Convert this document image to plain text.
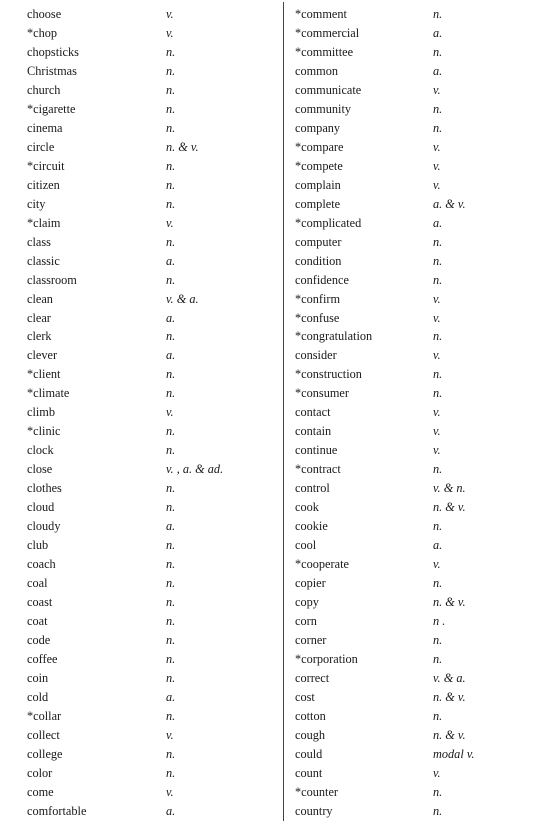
choose	v.
*chop	v.
chopsticks	n.
Christmas	n.
church	n.
*cigarette	n.
cinema	n.
circle	n. & v.
*circuit	n.
citizen	n.
city	n.
*claim	v.
class	n.
classic	a.
classroom	n.
clean	v. & a.
clear	a.
clerk	n.
clever	a.
*client	n.
*climate	n.
climb	v.
*clinic	n.
clock	n.
close	v. , a. & ad.
clothes	n.
cloud	n.
cloudy	a.
club	n.
coach	n.
coal	n.
coast	n.
coat	n.
code	n.
coffee	n.
coin	n.
cold	a.
*collar	n.
collect	v.
college	n.
color	n.
come	v.
comfortable	a.
*comment	n.
*commercial	a.
*committee	n.
common	a.
communicate	v.
community	n.
company	n.
*compare	v.
*compete	v.
complain	v.
complete	a. & v.
*complicated	a.
computer	n.
condition	n.
confidence	n.
*confirm	v.
*confuse	v.
*congratulation	n.
consider	v.
*construction	n.
*consumer	n.
contact	v.
contain	v.
continue	v.
*contract	n.
control	v. & n.
cook	n. & v.
cookie	n.
cool	a.
*cooperate	v.
copier	n.
copy	n. & v.
corn	n .
corner	n.
*corporation	n.
correct	v. & a.
cost	n. & v.
cotton	n.
cough	n. & v.
could	modal v.
count	v.
*counter	n.
country	n.
